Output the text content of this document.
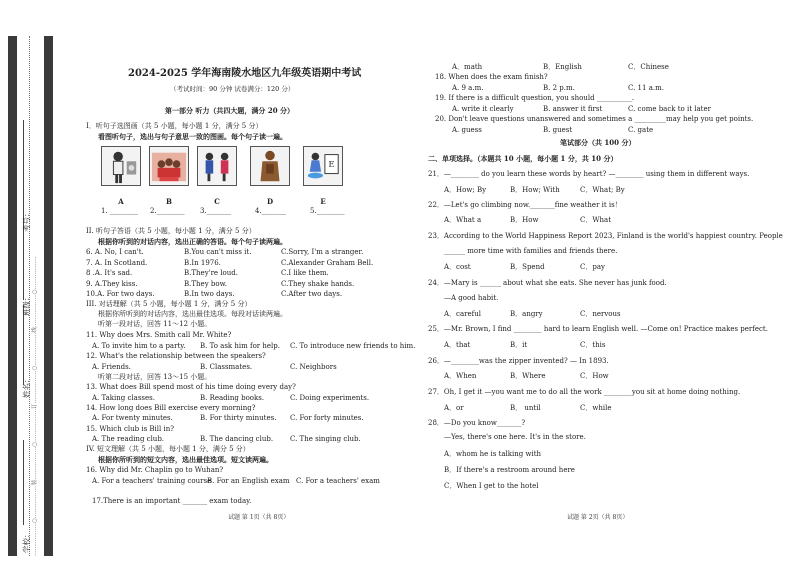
学校：
姓名：
班级：
考号：
………………○………………装………………○………………订………………○………………线………………○………………
2024-2025 学年海南陵水地区九年级英语期中考试
（考试时间：90 分钟 试卷满分：120 分）
第一部分 听力（共四大题，满分 20 分）
Ⅰ．听句子选图画（共 5 小题，每小题 1 分，满分 5 分）
看图听句子，选出与句子意思一致的图画。每个句子读一遍。
E
A	B	C	D	E
1. ________ 2.________ 3._______	4._______	5.________
II. 听句子答语（共 5 小题，每小题 1 分，满分 5 分）
根据你听到的对话内容，选出正确的答语。每个句子读两遍。
6. A. No, I can't.	B.You can't miss it.	C.Sorry, I'm a stranger.
7. A. In Scotland.	B.In 1976.	C.Alexander Graham Bell.
8 .A. It's sad.	B.They're loud.	C.I like them.
9. A.They kiss.	B.They bow.	C.They shake hands.
10.A. For two days.	B.In two days.	C.After two days.
III. 对话理解（共 5 小题，每小题 1 分，满分 5 分）
根据你所听到的对话内容，选出最佳选项。每段对话读两遍。
听第一段对话，回答 11～12 小题。
11. Why does Mrs. Smith call Mr. White?
A. To invite him to a party. B. To ask him for help. C. To introduce new friends to him.
12. What's the relationship between the speakers?
A. Friends.	B. Classmates.	C. Neighbors
听第二段对话，回答 13～15 小题。
13. What does Bill spend most of his time doing every day?
A. Taking classes.	B. Reading books.	C. Doing experiments.
14. How long does Bill exercise every morning?
A. For twenty minutes.	B. For thirty minutes. C. For forty minutes.
15. Which club is Bill in?
A. The reading club.	B. The dancing club. C. The singing club.
IV. 短文理解（共 5 小题，每小题 1 分，满分 5 分）
根据你所听到的短文内容，选出最佳选项。短文读两遍。
16. Why did Mr. Chaplin go to Wuhan?
A. For a teachers' training course
B. For an English exam C. For a teachers' exam
17.There is an important _______ exam today.
试题 第 1页（共 8页）
A．math	B．English	C．Chinese
18. When does the exam finish?
A. 9 a.m.	B. 2 p.m.	C. 11 a.m.
19. If there is a difficult question, you should __________.
A. write it clearly	B. answer it first	C. come back to it later
20. Don't leave questions unanswered and sometimes a _________may help you get points.
A. guess	B. guest	C. gate
笔试部分（共 100 分）
二、单项选择。（本题共 10 小题，每小题 1 分，共 10 分）
21．—________ do you learn these words by heart? —________ using them in different ways.
A．How; By	B．How; With	C．What; By
22．—Let's go climbing now._______fine weather it is！
A．What a	B．How	C．What
23．According to the World Happiness Report 2023, Finland is the world's happiest country. People
______ more time with families and friends there.
A．cost	B．Spend	C．pay
24．—Mary is ______ about what she eats. She never has junk food.
—A good habit.
A．careful	B．angry	C．nervous
25．—Mr. Brown, I find ________ hard to learn English well. —Come on! Practice makes perfect.
A．that	B．it	C．this
26．—________was the zipper invented? — In 1893.
A．When	B．Where	C．How
27．Oh, I get it —you want me to do all the work ________you sit at home doing nothing.
A．or	B． until	C．while
28．—Do you know_______?
—Yes, there's one here. It's in the store.
A．whom he is talking with
B．If there's a restroom around here
C．When I get to the hotel
试题 第 2页（共 8页）
